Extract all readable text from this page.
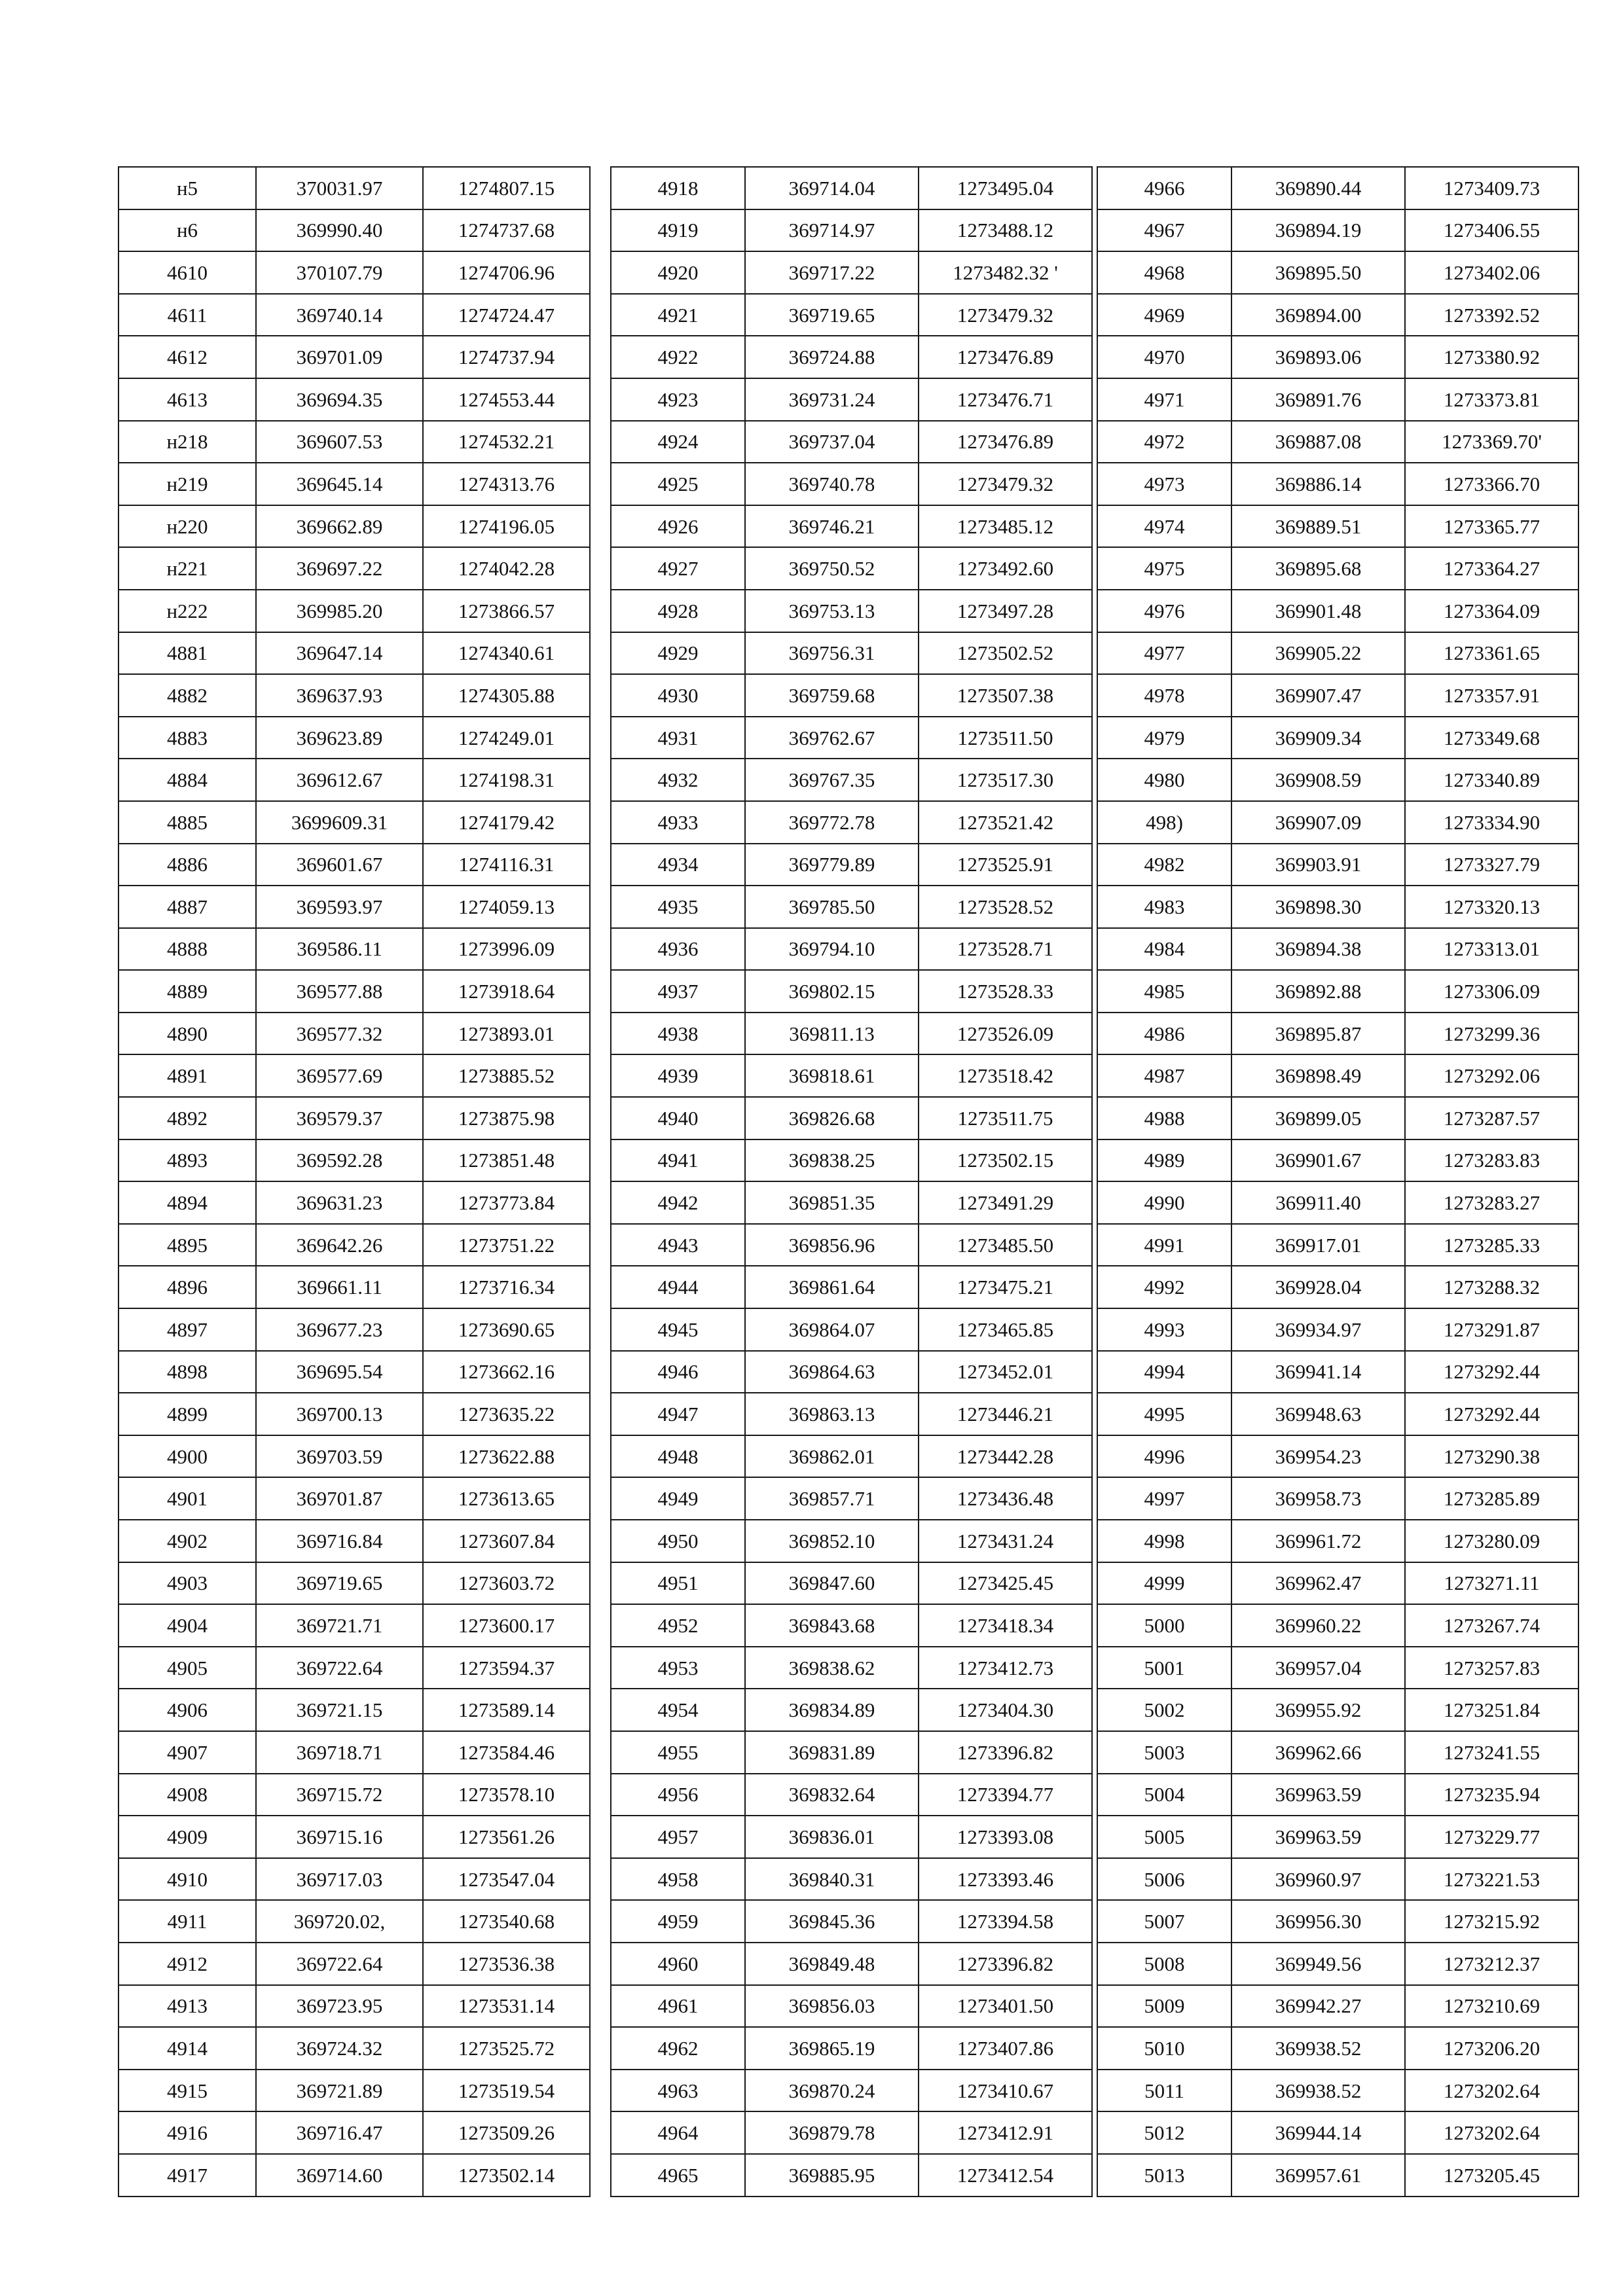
н5	370031.97	1274807.15
н6	369990.40	1274737.68
4610	370107.79	1274706.96
4611	369740.14	1274724.47
4612	369701.09	1274737.94
4613	369694.35	1274553.44
н218	369607.53	1274532.21
н219	369645.14	1274313.76
н220	369662.89	1274196.05
н221	369697.22	1274042.28
н222	369985.20	1273866.57
4881	369647.14	1274340.61
4882	369637.93	1274305.88
4883	369623.89	1274249.01
4884	369612.67	1274198.31
4885	3699609.31	1274179.42
4886	369601.67	1274116.31
4887	369593.97	1274059.13
4888	369586.11	1273996.09
4889	369577.88	1273918.64
4890	369577.32	1273893.01
4891	369577.69	1273885.52
4892	369579.37	1273875.98
4893	369592.28	1273851.48
4894	369631.23	1273773.84
4895	369642.26	1273751.22
4896	369661.11	1273716.34
4897	369677.23	1273690.65
4898	369695.54	1273662.16
4899	369700.13	1273635.22
4900	369703.59	1273622.88
4901	369701.87	1273613.65
4902	369716.84	1273607.84
4903	369719.65	1273603.72
4904	369721.71	1273600.17
4905	369722.64	1273594.37
4906	369721.15	1273589.14
4907	369718.71	1273584.46
4908	369715.72	1273578.10
4909	369715.16	1273561.26
4910	369717.03	1273547.04
4911	369720.02,	1273540.68
4912	369722.64	1273536.38
4913	369723.95	1273531.14
4914	369724.32	1273525.72
4915	369721.89	1273519.54
4916	369716.47	1273509.26
4917	369714.60	1273502.14
4918	369714.04	1273495.04
4919	369714.97	1273488.12
4920	369717.22	1273482.32 '
4921	369719.65	1273479.32
4922	369724.88	1273476.89
4923	369731.24	1273476.71
4924	369737.04	1273476.89
4925	369740.78	1273479.32
4926	369746.21	1273485.12
4927	369750.52	1273492.60
4928	369753.13	1273497.28
4929	369756.31	1273502.52
4930	369759.68	1273507.38
4931	369762.67	1273511.50
4932	369767.35	1273517.30
4933	369772.78	1273521.42
4934	369779.89	1273525.91
4935	369785.50	1273528.52
4936	369794.10	1273528.71
4937	369802.15	1273528.33
4938	369811.13	1273526.09
4939	369818.61	1273518.42
4940	369826.68	1273511.75
4941	369838.25	1273502.15
4942	369851.35	1273491.29
4943	369856.96	1273485.50
4944	369861.64	1273475.21
4945	369864.07	1273465.85
4946	369864.63	1273452.01
4947	369863.13	1273446.21
4948	369862.01	1273442.28
4949	369857.71	1273436.48
4950	369852.10	1273431.24
4951	369847.60	1273425.45
4952	369843.68	1273418.34
4953	369838.62	1273412.73
4954	369834.89	1273404.30
4955	369831.89	1273396.82
4956	369832.64	1273394.77
4957	369836.01	1273393.08
4958	369840.31	1273393.46
4959	369845.36	1273394.58
4960	369849.48	1273396.82
4961	369856.03	1273401.50
4962	369865.19	1273407.86
4963	369870.24	1273410.67
4964	369879.78	1273412.91
4965	369885.95	1273412.54
4966	369890.44	1273409.73
4967	369894.19	1273406.55
4968	369895.50	1273402.06
4969	369894.00	1273392.52
4970	369893.06	1273380.92
4971	369891.76	1273373.81
4972	369887.08	1273369.70'
4973	369886.14	1273366.70
4974	369889.51	1273365.77
4975	369895.68	1273364.27
4976	369901.48	1273364.09
4977	369905.22	1273361.65
4978	369907.47	1273357.91
4979	369909.34	1273349.68
4980	369908.59	1273340.89
498)	369907.09	1273334.90
4982	369903.91	1273327.79
4983	369898.30	1273320.13
4984	369894.38	1273313.01
4985	369892.88	1273306.09
4986	369895.87	1273299.36
4987	369898.49	1273292.06
4988	369899.05	1273287.57
4989	369901.67	1273283.83
4990	369911.40	1273283.27
4991	369917.01	1273285.33
4992	369928.04	1273288.32
4993	369934.97	1273291.87
4994	369941.14	1273292.44
4995	369948.63	1273292.44
4996	369954.23	1273290.38
4997	369958.73	1273285.89
4998	369961.72	1273280.09
4999	369962.47	1273271.11
5000	369960.22	1273267.74
5001	369957.04	1273257.83
5002	369955.92	1273251.84
5003	369962.66	1273241.55
5004	369963.59	1273235.94
5005	369963.59	1273229.77
5006	369960.97	1273221.53
5007	369956.30	1273215.92
5008	369949.56	1273212.37
5009	369942.27	1273210.69
5010	369938.52	1273206.20
5011	369938.52	1273202.64
5012	369944.14	1273202.64
5013	369957.61	1273205.45
